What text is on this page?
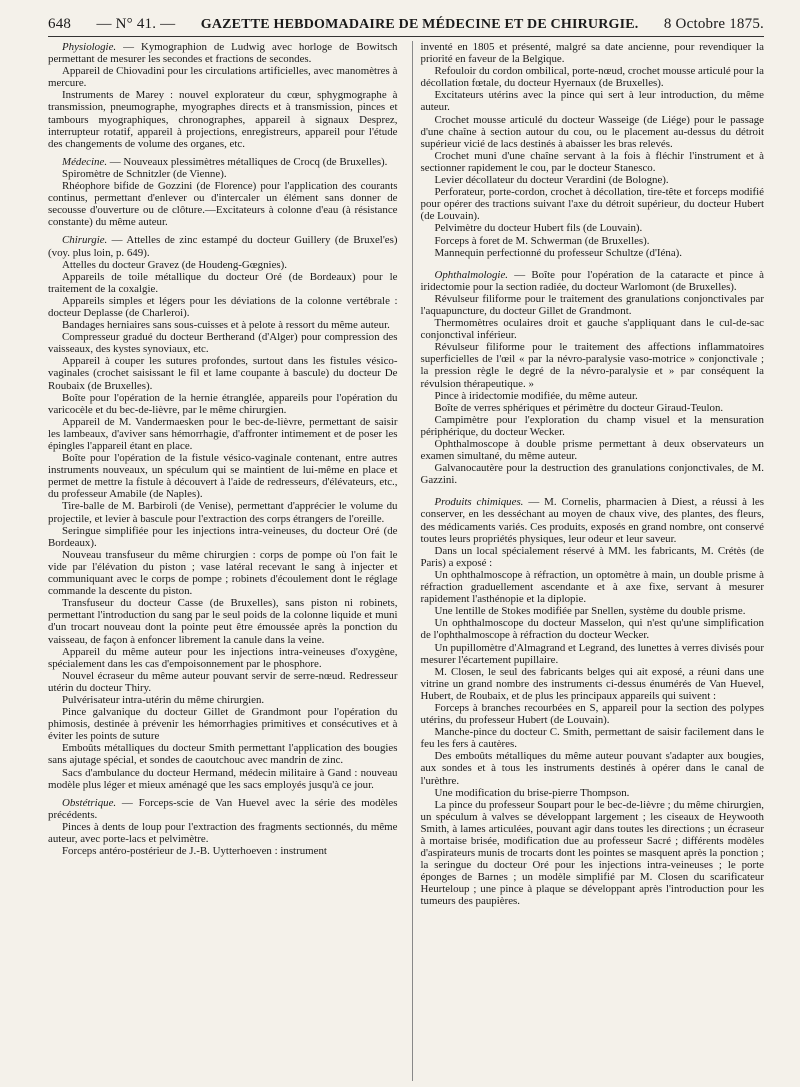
648 — N° 41. — GAZETTE HEBDOMADAIRE DE MÉDECINE ET DE CHIRURGIE. 8 Octobre 1875.

Physiologie. — Kymographion de Ludwig avec horloge de Bowitsch permettant de mesurer les secondes et fractions de secondes.

Appareil de Chiovadini pour les circulations artificielles, avec manomètres à mercure.

Instruments de Marey : nouvel explorateur du cœur, sphygmographe à transmission, pneumographe, myographes directs et à transmission, pinces et tambours myographiques, chronographes, appareil à signaux Desprez, interrupteur rotatif, appareil à projections, enregistreurs, appareil pour l'étude des changements de volume des organes, etc.

Médecine. — Nouveaux plessimètres métalliques de Crocq (de Bruxelles).

Spiromètre de Schnitzler (de Vienne).

Rhéophore bifide de Gozzini (de Florence) pour l'application des courants continus, permettant d'enlever ou d'intercaler un élément sans donner de secousse d'ouverture ou de clôture.—Excitateurs à colonne d'eau (à résistance constante) du même auteur.

Chirurgie. — Attelles de zinc estampé du docteur Guillery (de Bruxel'es) (voy. plus loin, p. 649).

Attelles du docteur Gravez (de Houdeng-Gœgnies).

Appareils de toile métallique du docteur Oré (de Bordeaux) pour le traitement de la coxalgie.

Appareils simples et légers pour les déviations de la colonne vertébrale : docteur Deplasse (de Charleroi).

Bandages herniaires sans sous-cuisses et à pelote à ressort du même auteur.

Compresseur gradué du docteur Bertherand (d'Alger) pour compression des vaisseaux, des kystes synoviaux, etc.

Appareil à couper les sutures profondes, surtout dans les fistules vésico-vaginales (crochet saisissant le fil et lame coupante à bascule) du docteur De Roubaix (de Bruxelles).

Boîte pour l'opération de la hernie étranglée, appareils pour l'opération du varicocèle et du bec-de-lièvre, par le même chirurgien.

Appareil de M. Vandermaesken pour le bec-de-lièvre, permettant de saisir les lambeaux, d'aviver sans hémorrhagie, d'affronter intimement et de poser les épingles l'appareil étant en place.

Boîte pour l'opération de la fistule vésico-vaginale contenant, entre autres instruments nouveaux, un spéculum qui se maintient de lui-même en place et permet de mettre la fistule à découvert à l'aide de redresseurs, d'élévateurs, etc., du professeur Amabile (de Naples).

Tire-balle de M. Barbiroli (de Venise), permettant d'apprécier le volume du projectile, et levier à bascule pour l'extraction des corps étrangers de l'oreille.

Seringue simplifiée pour les injections intra-veineuses, du docteur Oré (de Bordeaux).

Nouveau transfuseur du même chirurgien : corps de pompe où l'on fait le vide par l'élévation du piston ; vase latéral recevant le sang à injecter et communiquant avec le corps de pompe ; robinets d'écoulement dont le réglage commande la descente du piston.

Transfuseur du docteur Casse (de Bruxelles), sans piston ni robinets, permettant l'introduction du sang par le seul poids de la colonne liquide et muni d'un trocart nouveau dont la pointe peut être émoussée après la ponction du vaisseau, de façon à enfoncer librement la canule dans la veine.

Appareil du même auteur pour les injections intra-veineuses d'oxygène, spécialement dans les cas d'empoisonnement par le phosphore.

Nouvel écraseur du même auteur pouvant servir de serre-nœud. Redresseur utérin du docteur Thiry.

Pulvérisateur intra-utérin du même chirurgien.

Pince galvanique du docteur Gillet de Grandmont pour l'opération du phimosis, destinée à prévenir les hémorrhagies primitives et consécutives et à éviter les points de suture

Emboûts métalliques du docteur Smith permettant l'application des bougies sans ajutage spécial, et sondes de caoutchouc avec mandrin de zinc.

Sacs d'ambulance du docteur Hermand, médecin militaire à Gand : nouveau modèle plus léger et mieux aménagé que les sacs employés jusqu'à ce jour.

Obstétrique. — Forceps-scie de Van Huevel avec la série des modèles précédents.

Pinces à dents de loup pour l'extraction des fragments sectionnés, du même auteur, avec porte-lacs et pelvimètre.

Forceps antéro-postérieur de J.-B. Uytterhoeven : instrument

inventé en 1805 et présenté, malgré sa date ancienne, pour revendiquer la priorité en faveur de la Belgique.

Refouloir du cordon ombilical, porte-nœud, crochet mousse articulé pour la décollation fœtale, du docteur Hyernaux (de Bruxelles).

Excitateurs utérins avec la pince qui sert à leur introduction, du même auteur.

Crochet mousse articulé du docteur Wasseige (de Liége) pour le passage d'une chaîne à section autour du cou, ou le placement au-dessus du détroit supérieur vicié de lacs destinés à abaisser les bras relevés.

Crochet muni d'une chaîne servant à la fois à fléchir l'instrument et à sectionner rapidement le cou, par le docteur Stanesco.

Levier décollateur du docteur Verardini (de Bologne).

Perforateur, porte-cordon, crochet à décollation, tire-tête et forceps modifié pour opérer des tractions suivant l'axe du détroit supérieur, du docteur Hubert (de Louvain).

Pelvimètre du docteur Hubert fils (de Louvain).

Forceps à foret de M. Schwerman (de Bruxelles).

Mannequin perfectionné du professeur Schultze (d'Iéna).

Ophthalmologie. — Boîte pour l'opération de la cataracte et pince à iridectomie pour la section radiée, du docteur Warlomont (de Bruxelles).

Révulseur filiforme pour le traitement des granulations conjonctivales par l'aquapuncture, du docteur Gillet de Grandmont.

Thermomètres oculaires droit et gauche s'appliquant dans le cul-de-sac conjonctival inférieur.

Révulseur filiforme pour le traitement des affections inflammatoires superficielles de l'œil « par la névro-paralysie vaso-motrice » conjonctivale ; la pression règle le degré de la névro-paralysie et » par conséquent la révulsion thérapeutique. »

Pince à iridectomie modifiée, du même auteur.

Boîte de verres sphériques et périmètre du docteur Giraud-Teulon.

Campimètre pour l'exploration du champ visuel et la mensuration périphérique, du docteur Wecker.

Ophthalmoscope à double prisme permettant à deux observateurs un examen simultané, du même auteur.

Galvanocautère pour la destruction des granulations conjonctivales, de M. Gazzini.

Produits chimiques. — M. Cornelis, pharmacien à Diest, a réussi à les conserver, en les desséchant au moyen de chaux vive, des plantes, des fleurs, des médicaments variés. Ces produits, exposés en grand nombre, ont conservé toutes leurs propriétés physiques, leur odeur et leur saveur.

Dans un local spécialement réservé à MM. les fabricants, M. Crétès (de Paris) a exposé :

Un ophthalmoscope à réfraction, un optomètre à main, un double prisme à réfraction graduellement ascendante et à axe fixe, servant à mesurer rapidement l'asthénopie et la diplopie.

Une lentille de Stokes modifiée par Snellen, système du double prisme.

Un ophthalmoscope du docteur Masselon, qui n'est qu'une simplification de l'ophthalmoscope à réfraction du docteur Wecker.

Un pupillomètre d'Almagrand et Legrand, des lunettes à verres divisés pour mesurer l'écartement pupillaire.

M. Closen, le seul des fabricants belges qui ait exposé, a réuni dans une vitrine un grand nombre des instruments ci-dessus énumérés de Van Huevel, Hubert, de Roubaix, et de plus les principaux appareils qui suivent :

Forceps à branches recourbées en S, appareil pour la section des polypes utérins, du professeur Hubert (de Louvain).

Manche-pince du docteur C. Smith, permettant de saisir facilement dans le feu les fers à cautères.

Des emboûts métalliques du même auteur pouvant s'adapter aux bougies, aux sondes et à tous les instruments destinés à opérer dans le canal de l'urèthre.

Une modification du brise-pierre Thompson.

La pince du professeur Soupart pour le bec-de-lièvre ; du même chirurgien, un spéculum à valves se développant largement ; les ciseaux de Heywooth Smith, à lames articulées, pouvant agir dans toutes les directions ; un écraseur à mortaise brisée, modification due au professeur Sacré ; différents modèles d'aspirateurs munis de trocarts dont les pointes se masquent après la ponction ; la seringue du docteur Oré pour les injections intra-veineuses ; le porte éponges de Barnes ; un modèle simplifié par M. Closen du scarificateur Heurteloup ; une pince à plaque se développant après l'introduction pour les tumeurs des paupières.
